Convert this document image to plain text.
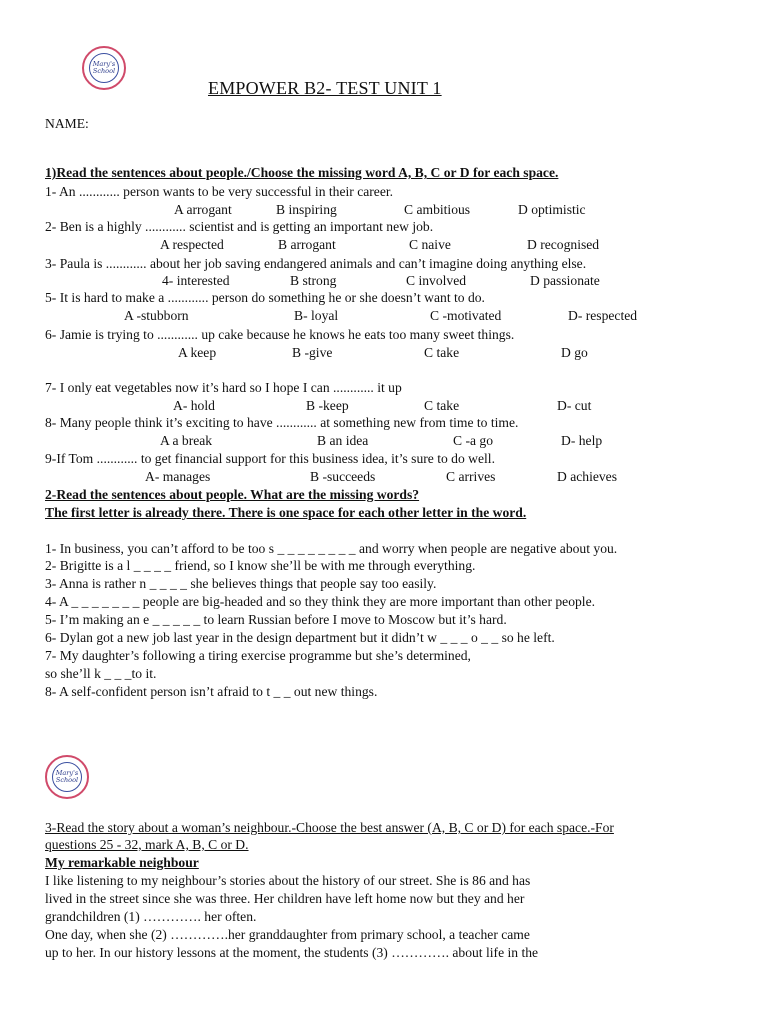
Mary's School
EMPOWER B2- TEST UNIT 1
NAME:
1)Read the sentences about people./Choose the missing word A, B, C or D for each space.
1- An ............ person wants to be very successful in their career.
A arrogant	B inspiring	C ambitious	D optimistic
2- Ben is a highly ............ scientist and is getting an important new job.
A respected	B arrogant	C naive	D recognised
3- Paula is ............ about her job saving endangered animals and can’t imagine doing anything else.
4- interested	B strong	C involved	D passionate
5- It is hard to make a ............ person do something he or she doesn’t want to do.
A -stubborn	B- loyal	C -motivated	D- respected
6- Jamie is trying to ............ up cake because he knows he eats too many sweet things.
A keep	B -give	C take	D go
7- I only eat vegetables now it’s hard so I hope I can ............ it up
A- hold	B -keep	C take	D- cut
8- Many people think it’s exciting to have ............ at something new from time to time.
A a break	B an idea	C -a go	D- help
9-If Tom ............ to get financial support for this business idea, it’s sure to do well.
A- manages	B -succeeds	C arrives	D achieves
2-Read the sentences about people. What are the missing words?
The first letter is already there. There is one space for each other letter in the word.
1- In business, you can’t afford to be too s _ _ _ _ _ _ _ _ and worry when people are negative about you.
2- Brigitte is a l _ _ _ _ friend, so I know she’ll be with me through everything.
3- Anna is rather n _ _ _ _ she believes things that people say too easily.
4- A _ _ _ _ _ _ _ people are big-headed and so they think they are more important than other people.
5- I’m making an e _ _ _ _ _ to learn Russian before I move to Moscow but it’s hard.
6- Dylan got a new job last year in the design department but it didn’t w _ _ _ o _ _ so he left.
7- My daughter’s following a tiring exercise programme but she’s determined,
so she’ll k _ _ _to it.
8- A self-confident person isn’t afraid to t _ _ out new things.
Mary's School
3-Read the story about a woman’s neighbour.-Choose the best answer (A, B, C or D) for each space.-For
questions 25 - 32, mark A, B, C or D.
My remarkable neighbour
I like listening to my neighbour’s stories about the history of our street. She is 86 and has
lived in the street since she was three. Her children have left home now but they and her
grandchildren (1) …………. her often.
One day, when she (2) ………….her granddaughter from primary school, a teacher came
up to her. In our history lessons at the moment, the students (3) …………. about life in the
